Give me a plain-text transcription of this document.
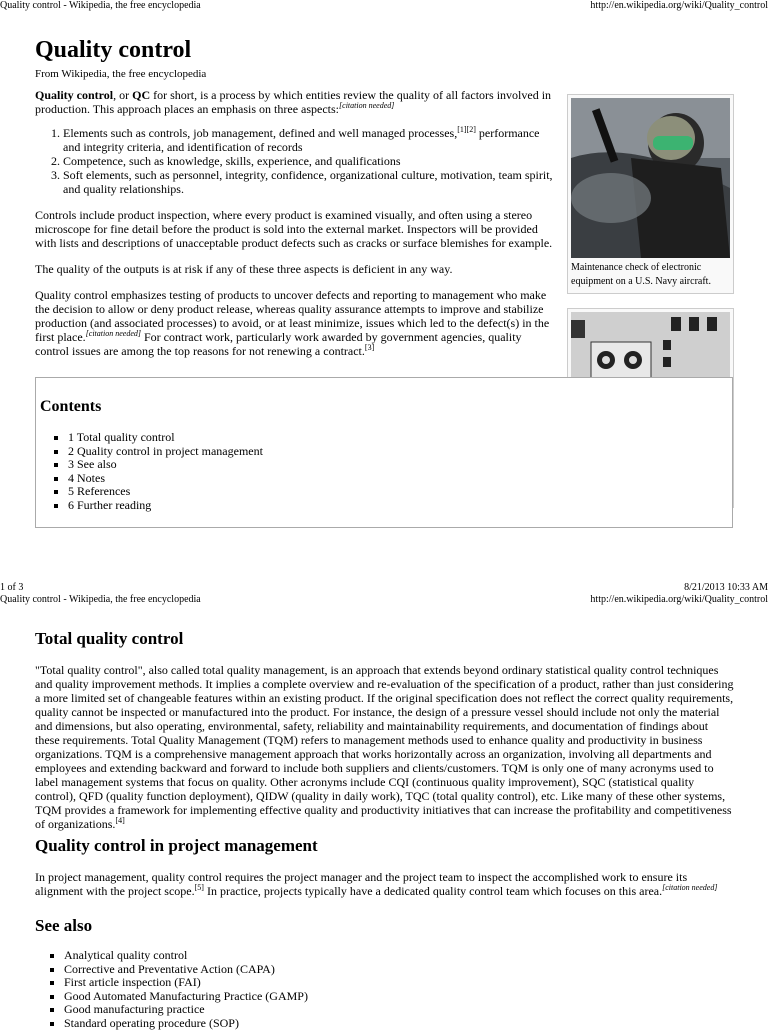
Quality control - Wikipedia, the free encyclopedia	http://en.wikipedia.org/wiki/Quality_control
Quality control
From Wikipedia, the free encyclopedia

Quality control, or QC for short, is a process by which entities review the quality of all factors involved in production. This approach places an emphasis on three aspects:[citation needed]

1. Elements such as controls, job management, defined and well managed processes,[1][2] performance and integrity criteria, and identification of records
2. Competence, such as knowledge, skills, experience, and qualifications
3. Soft elements, such as personnel, integrity, confidence, organizational culture, motivation, team spirit, and quality relationships.

Controls include product inspection, where every product is examined visually, and often using a stereo microscope for fine detail before the product is sold into the external market. Inspectors will be provided with lists and descriptions of unacceptable product defects such as cracks or surface blemishes for example.

The quality of the outputs is at risk if any of these three aspects is deficient in any way.

Quality control emphasizes testing of products to uncover defects and reporting to management who make the decision to allow or deny product release, whereas quality assurance attempts to improve and stabilize production (and associated processes) to avoid, or at least minimize, issues which led to the defect(s) in the first place.[citation needed] For contract work, particularly work awarded by government agencies, quality control issues are among the top reasons for not renewing a contract.[3]

Maintenance check of electronic equipment on a U.S. Navy aircraft.
Contents
▪ 1 Total quality control
▪ 2 Quality control in project management
▪ 3 See also
▪ 4 Notes
▪ 5 References
▪ 6 Further reading
1 of 3	8/21/2013 10:33 AM
Quality control - Wikipedia, the free encyclopedia	http://en.wikipedia.org/wiki/Quality_control
Total quality control

"Total quality control", also called total quality management, is an approach that extends beyond ordinary statistical quality control techniques and quality improvement methods. It implies a complete overview and re-evaluation of the specification of a product, rather than just considering a more limited set of changeable features within an existing product. If the original specification does not reflect the correct quality requirements, quality cannot be inspected or manufactured into the product. For instance, the design of a pressure vessel should include not only the material and dimensions, but also operating, environmental, safety, reliability and maintainability requirements, and documentation of findings about these requirements. Total Quality Management (TQM) refers to management methods used to enhance quality and productivity in business organizations. TQM is a comprehensive management approach that works horizontally across an organization, involving all departments and employees and extending backward and forward to include both suppliers and clients/customers. TQM is only one of many acronyms used to label management systems that focus on quality. Other acronyms include CQI (continuous quality improvement), SQC (statistical quality control), QFD (quality function deployment), QIDW (quality in daily work), TQC (total quality control), etc. Like many of these other systems, TQM provides a framework for implementing effective quality and productivity initiatives that can increase the profitability and competitiveness of organizations.[4]

Quality control in project management

In project management, quality control requires the project manager and the project team to inspect the accomplished work to ensure its alignment with the project scope.[5] In practice, projects typically have a dedicated quality control team which focuses on this area.[citation needed]

See also
▪ Analytical quality control
▪ Corrective and Preventative Action (CAPA)
▪ First article inspection (FAI)
▪ Good Automated Manufacturing Practice (GAMP)
▪ Good manufacturing practice
▪ Standard operating procedure (SOP)
